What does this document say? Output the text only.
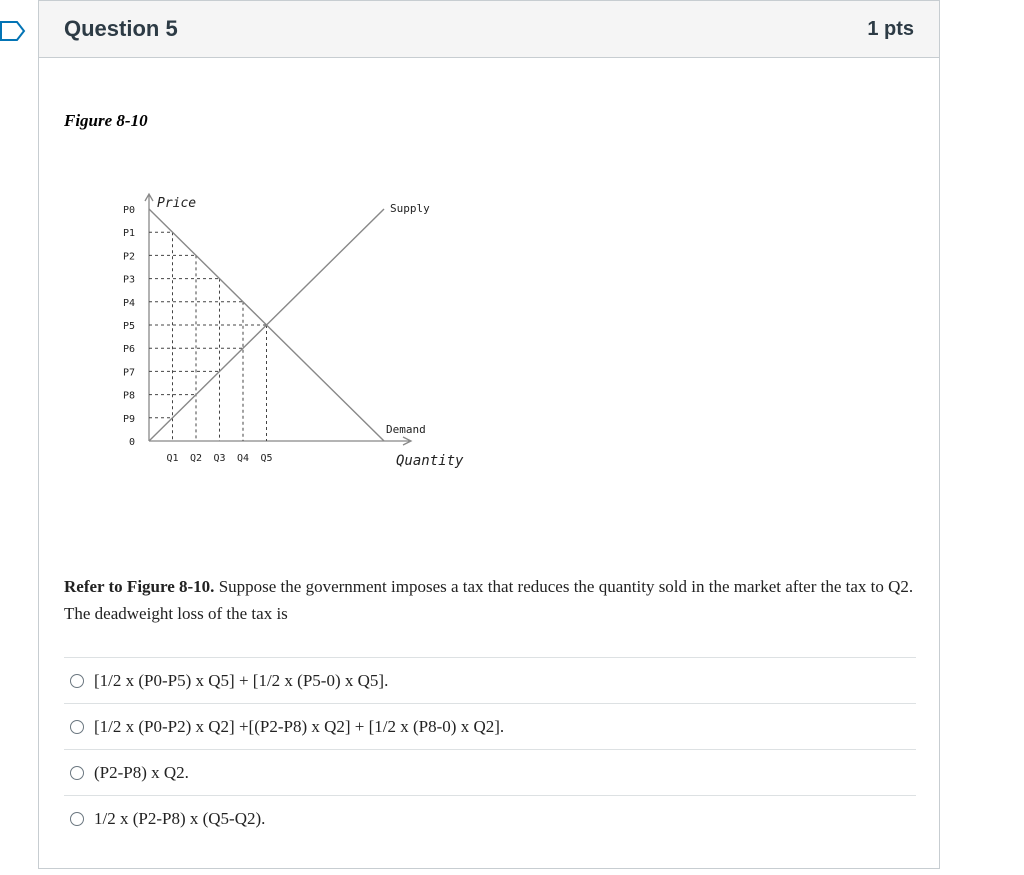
Question 5	1 pts
Figure 8-10
P0
P1
P2
P3
P4
P5
P6
P7
P8
P9
0
Q1 Q2 Q3 Q4 Q5
Price
Quantity
Supply
Demand
Refer to Figure 8-10. Suppose the government imposes a tax that reduces the quantity sold in the market after the tax to Q2. The deadweight loss of the tax is
[1/2 x (P0-P5) x Q5] + [1/2 x (P5-0) x Q5].
[1/2 x (P0-P2) x Q2] +[(P2-P8) x Q2] + [1/2 x (P8-0) x Q2].
(P2-P8) x Q2.
1/2 x (P2-P8) x (Q5-Q2).
